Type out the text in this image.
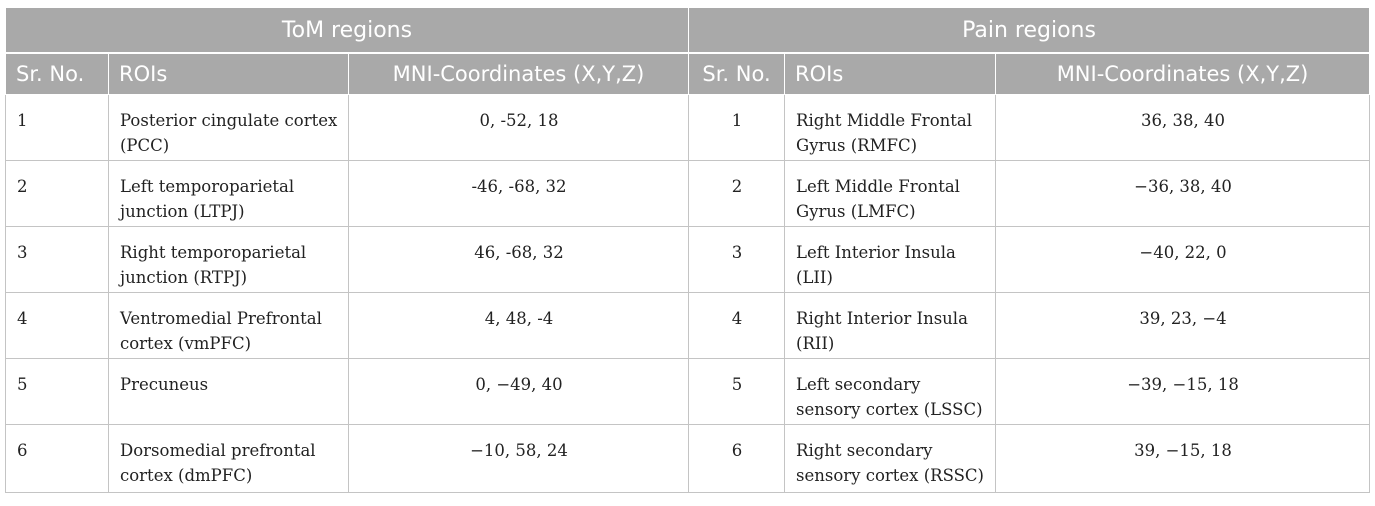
ToM regions			Pain regions		
Sr. No.	ROIs	MNI-Coordinates (X,Y,Z)	Sr. No.	ROIs	MNI-Coordinates (X,Y,Z)
1	Posterior cingulate cortex (PCC)	0, -52, 18	1	Right Middle Frontal Gyrus (RMFC)	36, 38, 40
2	Left temporoparietal junction (LTPJ)	-46, -68, 32	2	Left Middle Frontal Gyrus (LMFC)	−36, 38, 40
3	Right temporoparietal junction (RTPJ)	46, -68, 32	3	Left Interior Insula (LII)	−40, 22, 0
4	Ventromedial Prefrontal cortex (vmPFC)	4, 48, -4	4	Right Interior Insula (RII)	39, 23, −4
5	Precuneus	0, −49, 40	5	Left secondary sensory cortex (LSSC)	−39, −15, 18
6	Dorsomedial prefrontal cortex (dmPFC)	−10, 58, 24	6	Right secondary sensory cortex (RSSC)	39, −15, 18
